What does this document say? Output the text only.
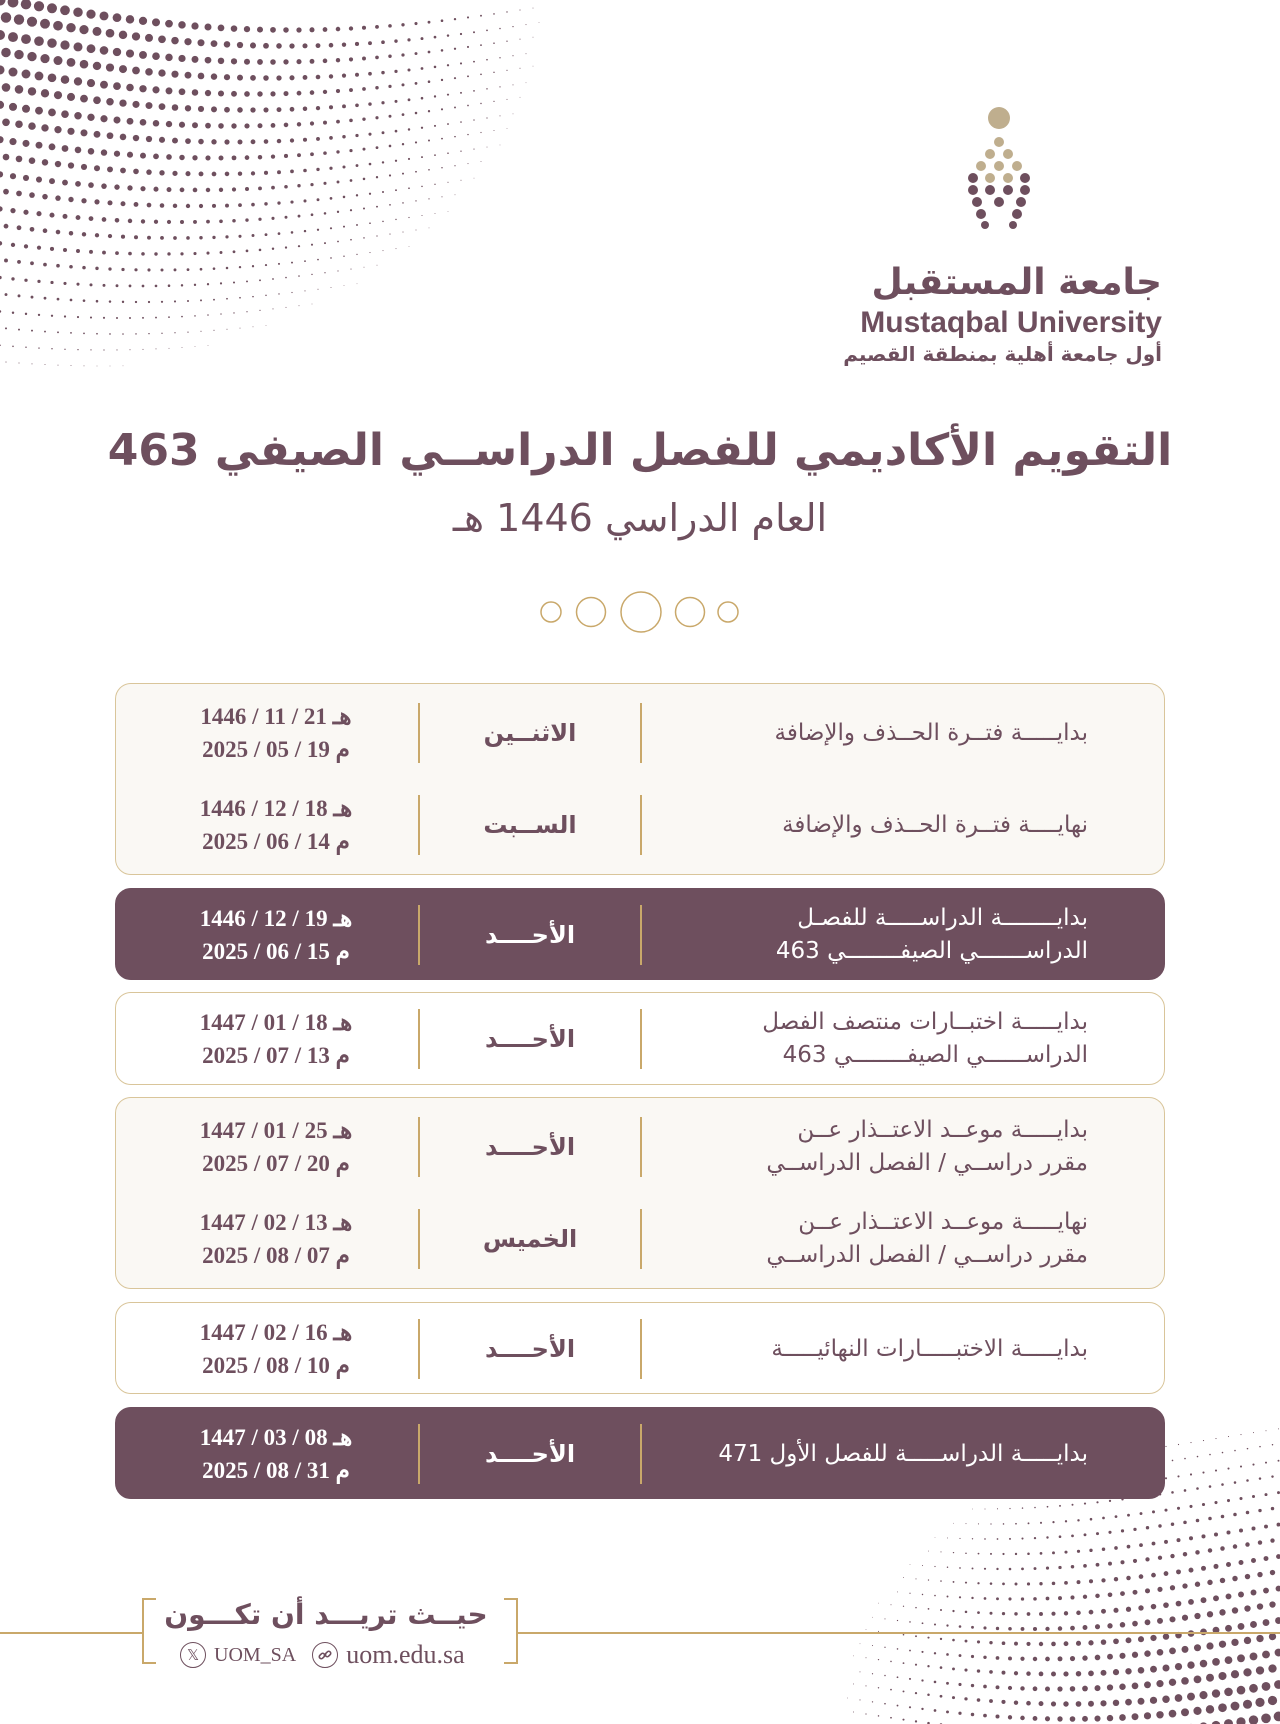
جامعة المستقبل
Mustaqbal University
أول جامعة أهلية بمنطقة القصيم
التقويم الأكاديمي للفصل الدراســي الصيفي 463
العام الدراسي 1446 هـ
بدايـــــة فتــرة الحــذف والإضافة
الاثنــين
1446 / 11 / 21 هـ
2025 / 05 / 19 م
نهايــــة فتــرة الحــذف والإضافة
الســبت
1446 / 12 / 18 هـ
2025 / 06 / 14 م
بدايــــــــة الدراســـــة للفصـل
الدراســـــــي الصيفــــــــي 463
الأحــــد
1446 / 12 / 19 هـ
2025 / 06 / 15 م
بدايـــــة اختبــارات منتصف الفصل
الدراســــــي الصيفــــــــي 463
الأحــــد
1447 / 01 / 18 هـ
2025 / 07 / 13 م
بدايـــــة موعــد الاعتــذار عــن
مقرر دراســي / الفصل الدراســي
الأحــــد
1447 / 01 / 25 هـ
2025 / 07 / 20 م
نهايـــــة موعــد الاعتــذار عــن
مقرر دراســي / الفصل الدراســي
الخميس
1447 / 02 / 13 هـ
2025 / 08 / 07 م
بدايـــــة الاختبـــــارات النهائيـــــة
الأحــــد
1447 / 02 / 16 هـ
2025 / 08 / 10 م
بدايـــــة الدراســـــة للفصل الأول 471
الأحــــد
1447 / 03 / 08 هـ
2025 / 08 / 31 م
حيــث تريـــد أن تكـــون
𝕏 UOM_SA uom.edu.sa
